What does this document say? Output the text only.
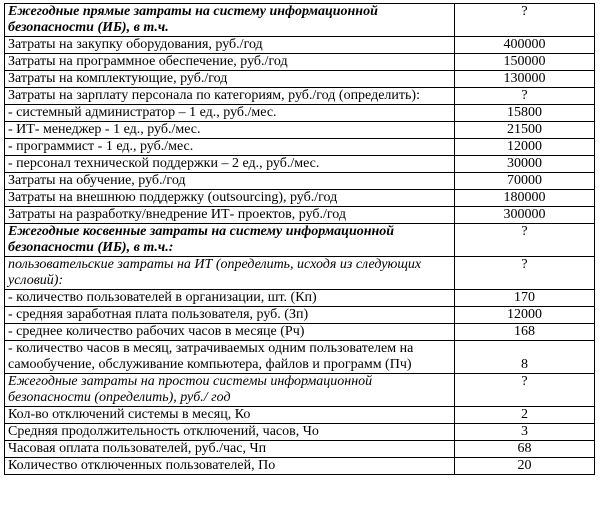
Ежегодные прямые затраты на систему информационной безопасности (ИБ), в т.ч.	?
Затраты на закупку оборудования, руб./год	400000
Затраты на программное обеспечение, руб./год	150000
Затраты на комплектующие, руб./год	130000
Затраты на зарплату персонала по категориям, руб./год (определить):	?
- системный администратор – 1 ед., руб./мес.	15800
- ИТ- менеджер - 1 ед., руб./мес.	21500
- программист - 1 ед., руб./мес.	12000
- персонал технической поддержки – 2 ед., руб./мес.	30000
Затраты на обучение, руб./год	70000
Затраты на внешнюю поддержку (outsourcing), руб./год	180000
Затраты на разработку/внедрение ИТ- проектов, руб./год	300000
Ежегодные косвенные затраты на систему информационной безопасности (ИБ), в т.ч.:	?
пользовательские затраты на ИТ (определить, исходя из следующих условий):	?
- количество пользователей в организации, шт. (Кп)	170
- средняя заработная плата пользователя, руб. (Зп)	12000
- среднее количество рабочих часов в месяце (Рч)	168
- количество часов в месяц, затрачиваемых одним пользователем на самообучение, обслуживание компьютера, файлов и программ (Пч)	8
Ежегодные затраты на простои системы информационной безопасности (определить), руб./ год	?
Кол-во отключений системы в месяц, Ко	2
Средняя продолжительность отключений, часов, Чо	3
Часовая оплата пользователей, руб./час, Чп	68
Количество отключенных пользователей, По	20
